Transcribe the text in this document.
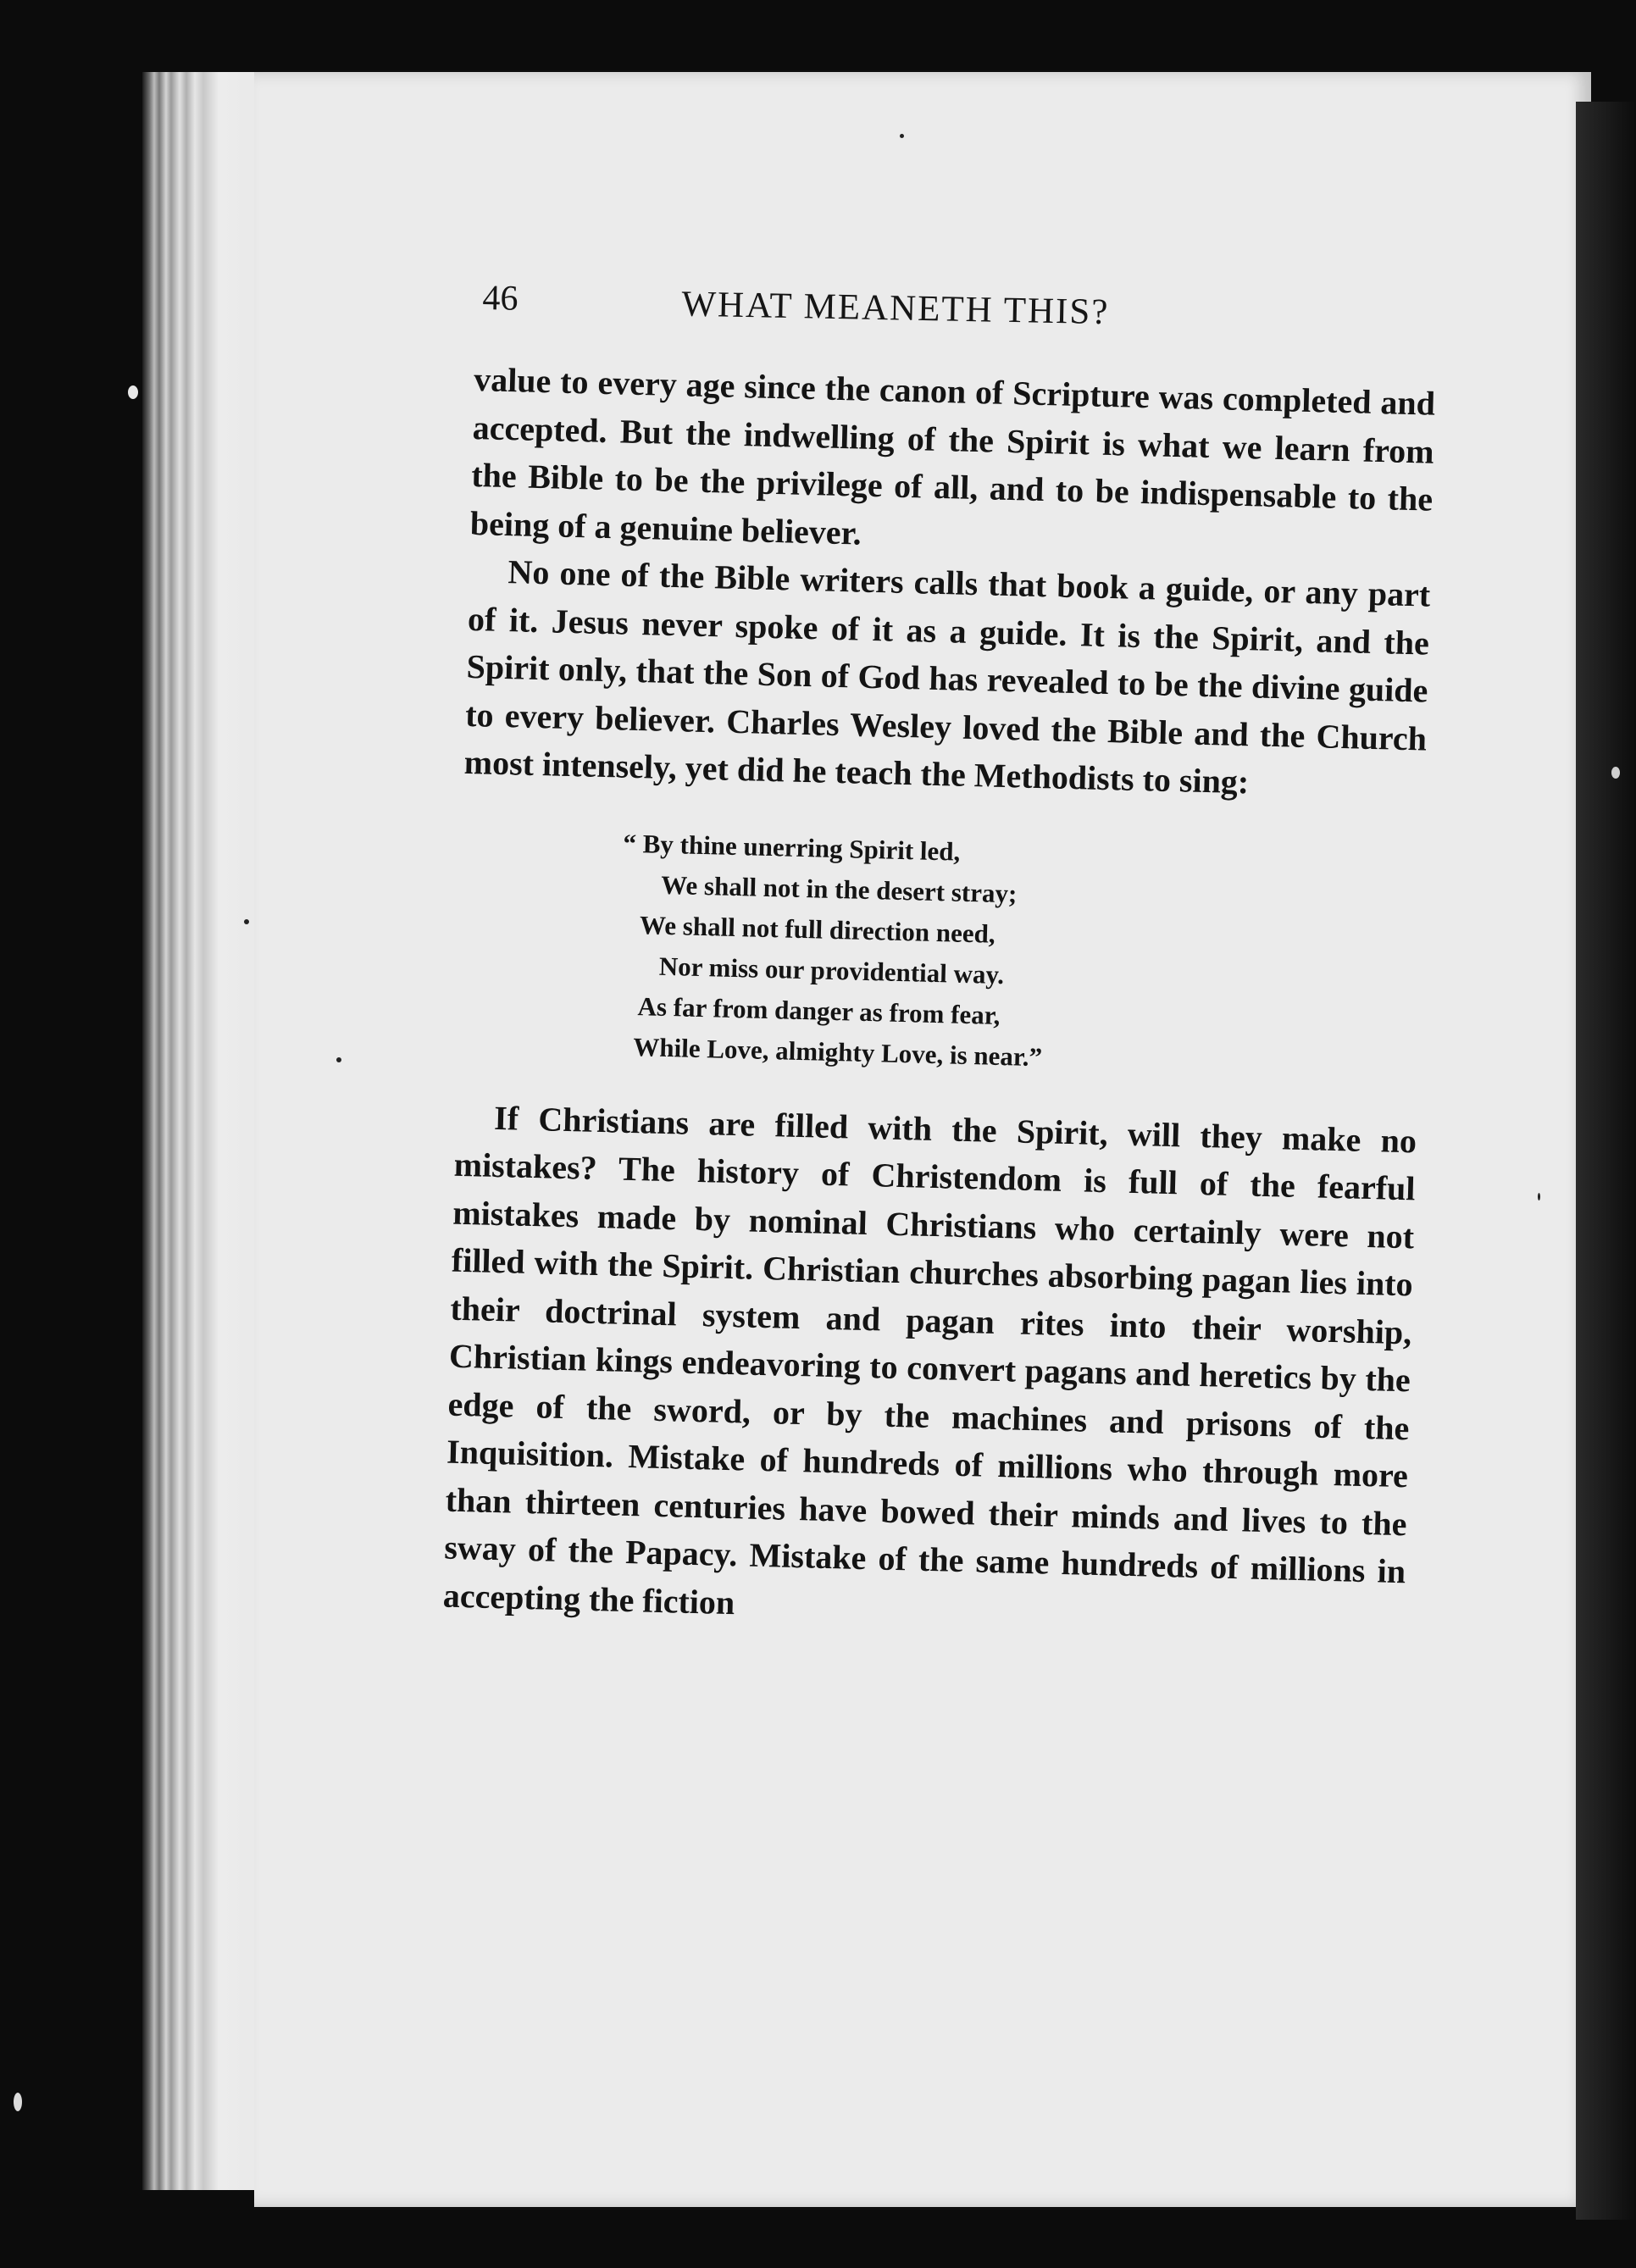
46	WHAT MEANETH THIS?

value to every age since the canon of Scripture was completed and accepted. But the indwelling of the Spirit is what we learn from the Bible to be the privilege of all, and to be indispensable to the being of a genuine believer.

No one of the Bible writers calls that book a guide, or any part of it. Jesus never spoke of it as a guide. It is the Spirit, and the Spirit only, that the Son of God has revealed to be the divine guide to every believer. Charles Wesley loved the Bible and the Church most intensely, yet did he teach the Methodists to sing:

“ By thine unerring Spirit led,
We shall not in the desert stray;
We shall not full direction need,
Nor miss our providential way.
As far from danger as from fear,
While Love, almighty Love, is near.”

If Christians are filled with the Spirit, will they make no mistakes? The history of Christendom is full of the fearful mistakes made by nominal Christians who certainly were not filled with the Spirit. Christian churches absorbing pagan lies into their doctrinal system and pagan rites into their worship, Christian kings endeavoring to convert pagans and heretics by the edge of the sword, or by the machines and prisons of the Inquisition. Mistake of hundreds of millions who through more than thirteen centuries have bowed their minds and lives to the sway of the Papacy. Mistake of the same hundreds of millions in accepting the fiction
